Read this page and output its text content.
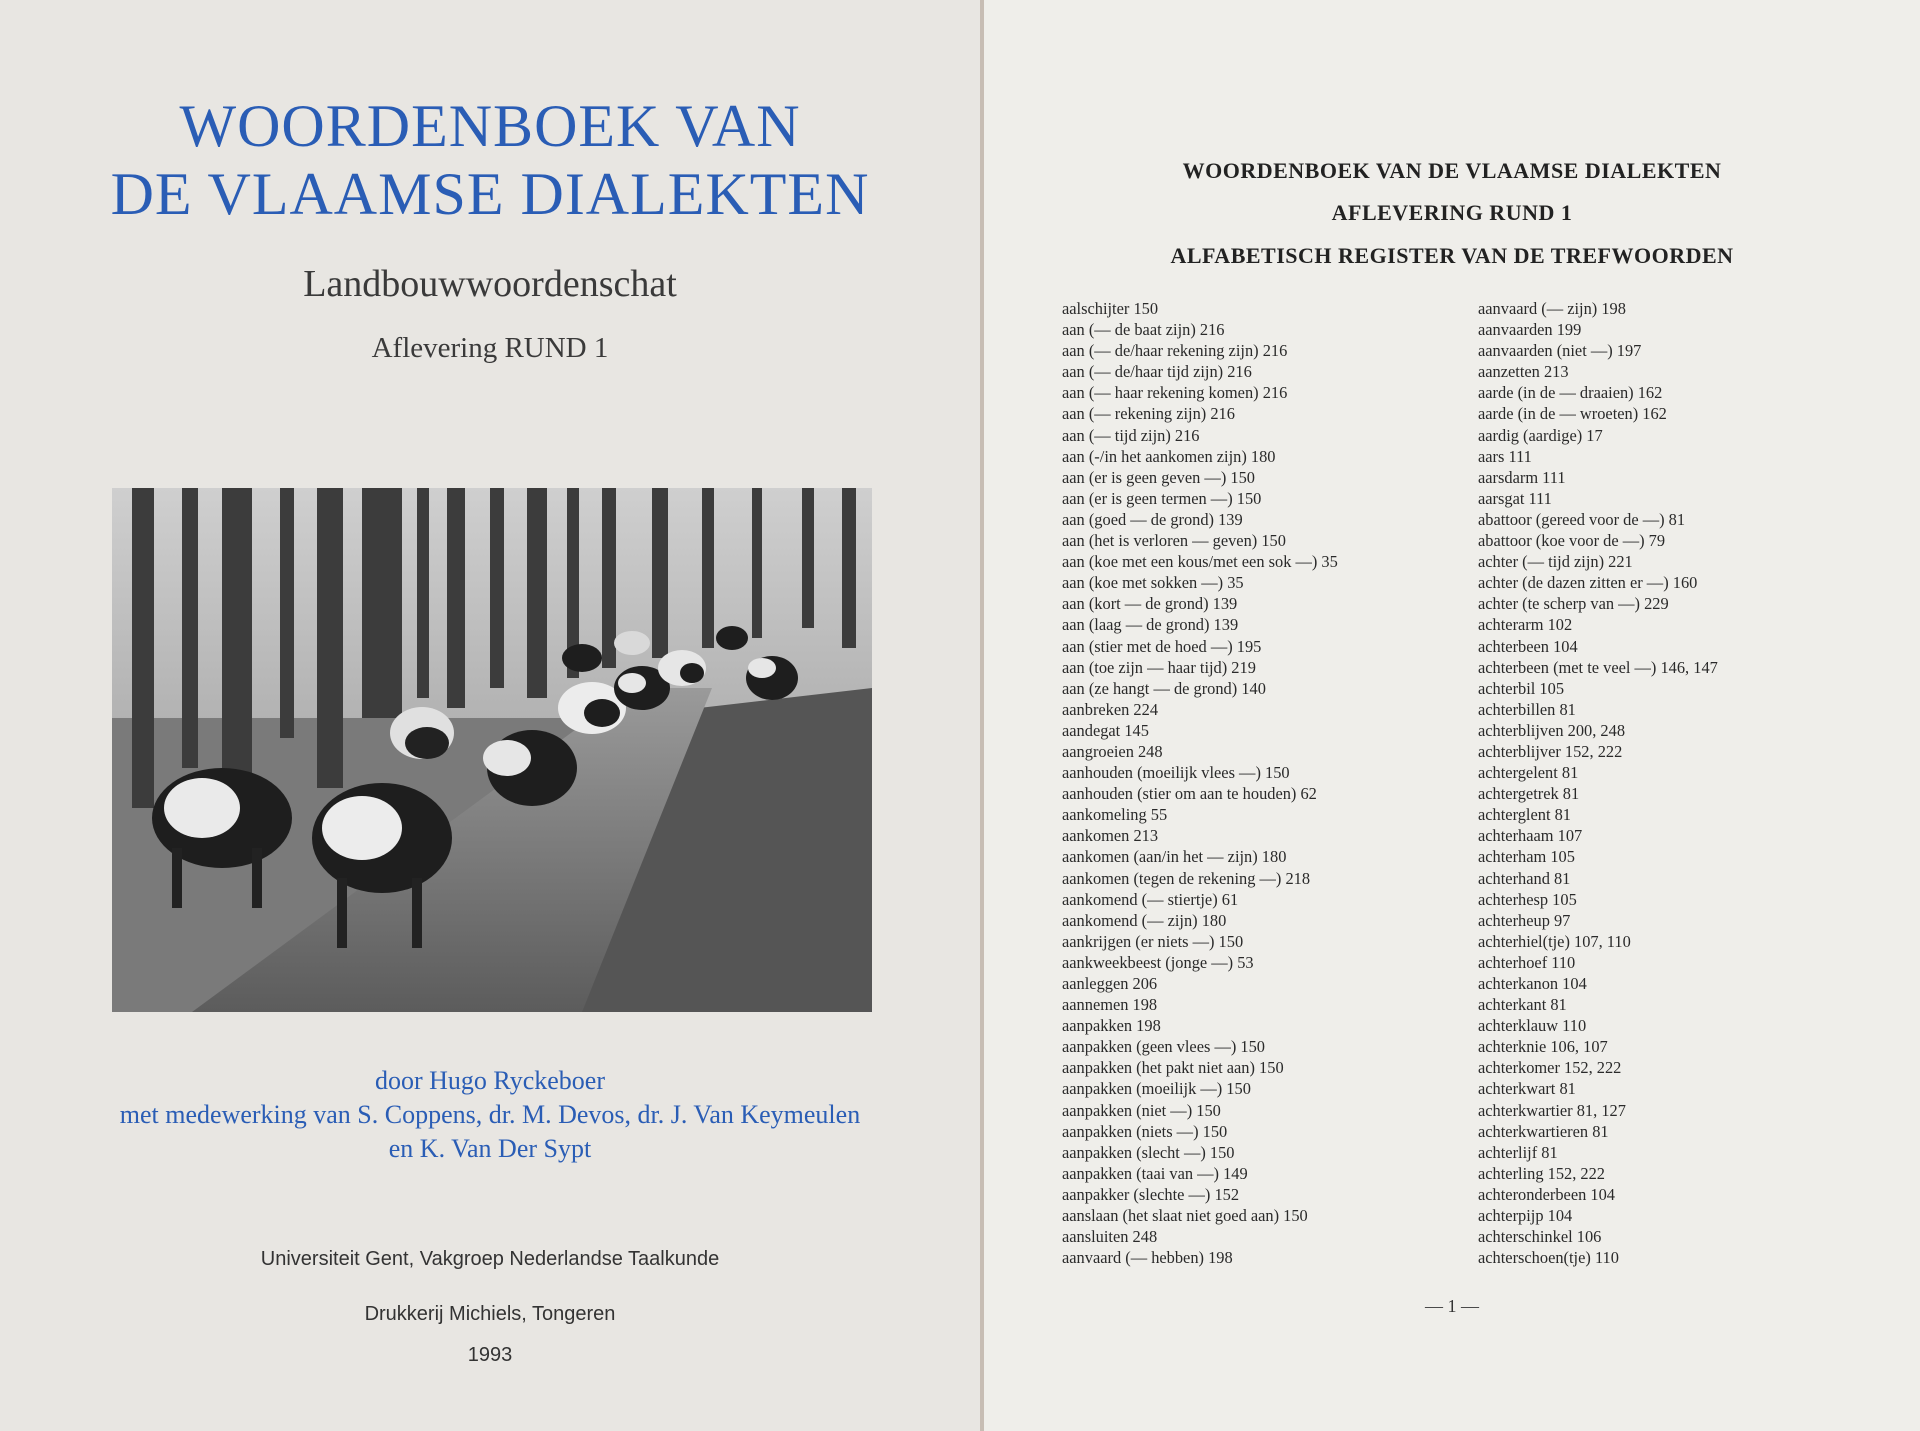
WOORDENBOEK VAN
DE VLAAMSE DIALEKTEN
Landbouwwoordenschat
Aflevering RUND 1
door Hugo Ryckeboer
met medewerking van S. Coppens, dr. M. Devos, dr. J. Van Keymeulen
en K. Van Der Sypt
Universiteit Gent, Vakgroep Nederlandse Taalkunde
Drukkerij Michiels, Tongeren
1993
WOORDENBOEK VAN DE VLAAMSE DIALEKTEN
AFLEVERING RUND 1
ALFABETISCH REGISTER VAN DE TREFWOORDEN
aalschijter 150
aan (— de baat zijn) 216
aan (— de/haar rekening zijn) 216
aan (— de/haar tijd zijn) 216
aan (— haar rekening komen) 216
aan (— rekening zijn) 216
aan (— tijd zijn) 216
aan (-/in het aankomen zijn) 180
aan (er is geen geven —) 150
aan (er is geen termen —) 150
aan (goed — de grond) 139
aan (het is verloren — geven) 150
aan (koe met een kous/met een sok —) 35
aan (koe met sokken —) 35
aan (kort — de grond) 139
aan (laag — de grond) 139
aan (stier met de hoed —) 195
aan (toe zijn — haar tijd) 219
aan (ze hangt — de grond) 140
aanbreken 224
aandegat 145
aangroeien 248
aanhouden (moeilijk vlees —) 150
aanhouden (stier om aan te houden) 62
aankomeling 55
aankomen 213
aankomen (aan/in het — zijn) 180
aankomen (tegen de rekening —) 218
aankomend (— stiertje) 61
aankomend (— zijn) 180
aankrijgen (er niets —) 150
aankweekbeest (jonge —) 53
aanleggen 206
aannemen 198
aanpakken 198
aanpakken (geen vlees —) 150
aanpakken (het pakt niet aan) 150
aanpakken (moeilijk —) 150
aanpakken (niet —) 150
aanpakken (niets —) 150
aanpakken (slecht —) 150
aanpakken (taai van —) 149
aanpakker (slechte —) 152
aanslaan (het slaat niet goed aan) 150
aansluiten 248
aanvaard (— hebben) 198
aanvaard (— zijn) 198
aanvaarden 199
aanvaarden (niet —) 197
aanzetten 213
aarde (in de — draaien) 162
aarde (in de — wroeten) 162
aardig (aardige) 17
aars 111
aarsdarm 111
aarsgat 111
abattoor (gereed voor de —) 81
abattoor (koe voor de —) 79
achter (— tijd zijn) 221
achter (de dazen zitten er —) 160
achter (te scherp van —) 229
achterarm 102
achterbeen 104
achterbeen (met te veel —) 146, 147
achterbil 105
achterbillen 81
achterblijven 200, 248
achterblijver 152, 222
achtergelent 81
achtergetrek 81
achterglent 81
achterhaam 107
achterham 105
achterhand 81
achterhesp 105
achterheup 97
achterhiel(tje) 107, 110
achterhoef 110
achterkanon 104
achterkant 81
achterklauw 110
achterknie 106, 107
achterkomer 152, 222
achterkwart 81
achterkwartier 81, 127
achterkwartieren 81
achterlijf 81
achterling 152, 222
achteronderbeen 104
achterpijp 104
achterschinkel 106
achterschoen(tje) 110
— 1 —
